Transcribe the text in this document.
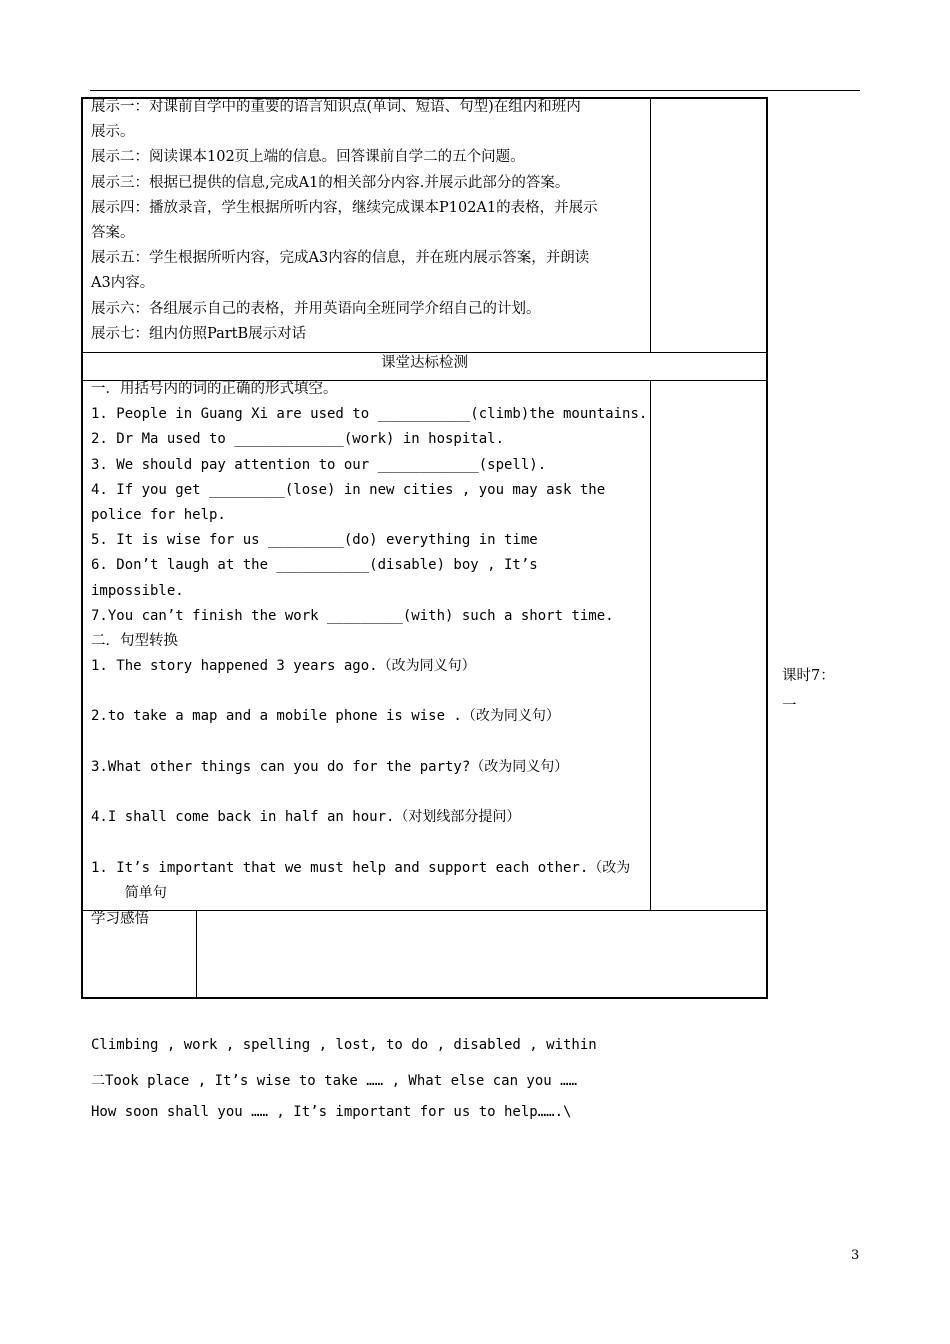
展示一：对课前自学中的重要的语言知识点(单词、短语、句型)在组内和班内
展示。
展示二：阅读课本102页上端的信息。回答课前自学二的五个问题。
展示三：根据已提供的信息,完成A1的相关部分内容.并展示此部分的答案。
展示四：播放录音，学生根据所听内容，继续完成课本P102A1的表格，并展示
答案。
展示五：学生根据所听内容，完成A3内容的信息，并在班内展示答案，并朗读
A3内容。
展示六：各组展示自己的表格，并用英语向全班同学介绍自己的计划。
展示七：组内仿照PartB展示对话
课堂达标检测
一．用括号内的词的正确的形式填空。
1. People in Guang Xi are used to ___________(climb)the mountains.
2. Dr Ma used to _____________(work) in hospital.
3. We should pay attention to our ____________(spell).
4. If you get _________(lose) in new cities , you may ask the
police for help.
5. It is wise for us _________(do) everything in time
6. Don’t laugh at the ___________(disable) boy , It’s
impossible.
7.You can’t finish the work _________(with) such a short time.
二．句型转换
1. The story happened 3 years ago.（改为同义句）
2.to take a map and a mobile phone is wise .（改为同义句）
3.What other things can you do for the party?（改为同义句）
4.I shall come back in half an hour.（对划线部分提问）
1. It’s important that we must help and support each other.（改为
简单句
学习感悟
课时7：
一
Climbing , work , spelling , lost, to do , disabled , within
二Took place , It’s wise to take …… , What else can you ……
How soon shall you …… , It’s important for us to help…….\
3
